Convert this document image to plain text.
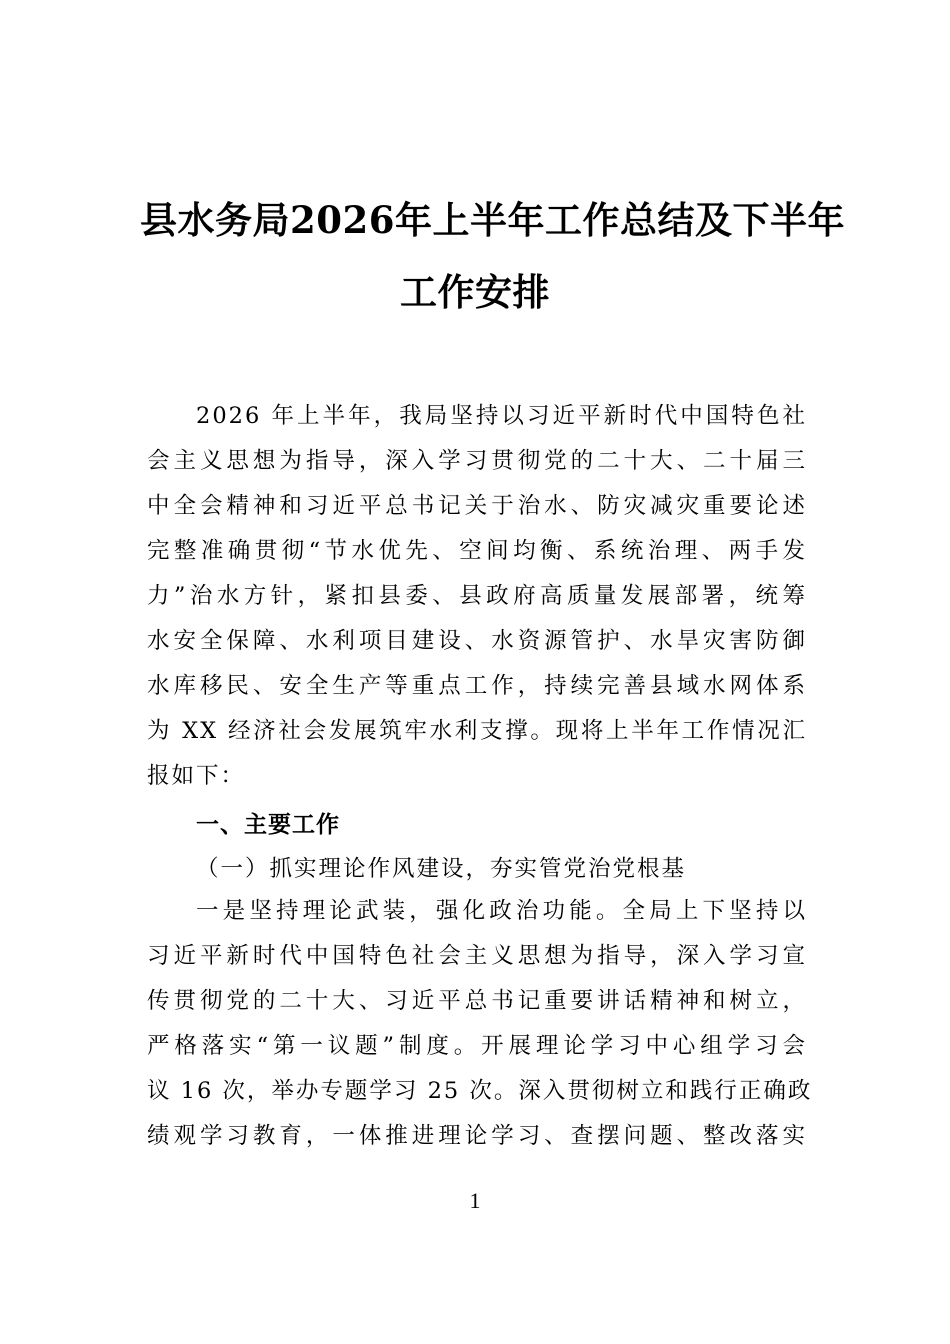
县水务局2026年上半年工作总结及下半年
工作安排
2026 年上半年，我局坚持以习近平新时代中国特色社
会主义思想为指导，深入学习贯彻党的二十大、二十届三
中全会精神和习近平总书记关于治水、防灾减灾重要论述
完整准确贯彻“节水优先、空间均衡、系统治理、两手发
力”治水方针，紧扣县委、县政府高质量发展部署，统筹
水安全保障、水利项目建设、水资源管护、水旱灾害防御
水库移民、安全生产等重点工作，持续完善县域水网体系
为 XX 经济社会发展筑牢水利支撑。现将上半年工作情况汇
报如下：
一、主要工作
（一）抓实理论作风建设，夯实管党治党根基
一是坚持理论武装，强化政治功能。全局上下坚持以
习近平新时代中国特色社会主义思想为指导，深入学习宣
传贯彻党的二十大、习近平总书记重要讲话精神和树立，
严格落实“第一议题”制度。开展理论学习中心组学习会
议 16 次，举办专题学习 25 次。深入贯彻树立和践行正确政
绩观学习教育，一体推进理论学习、查摆问题、整改落实
1
